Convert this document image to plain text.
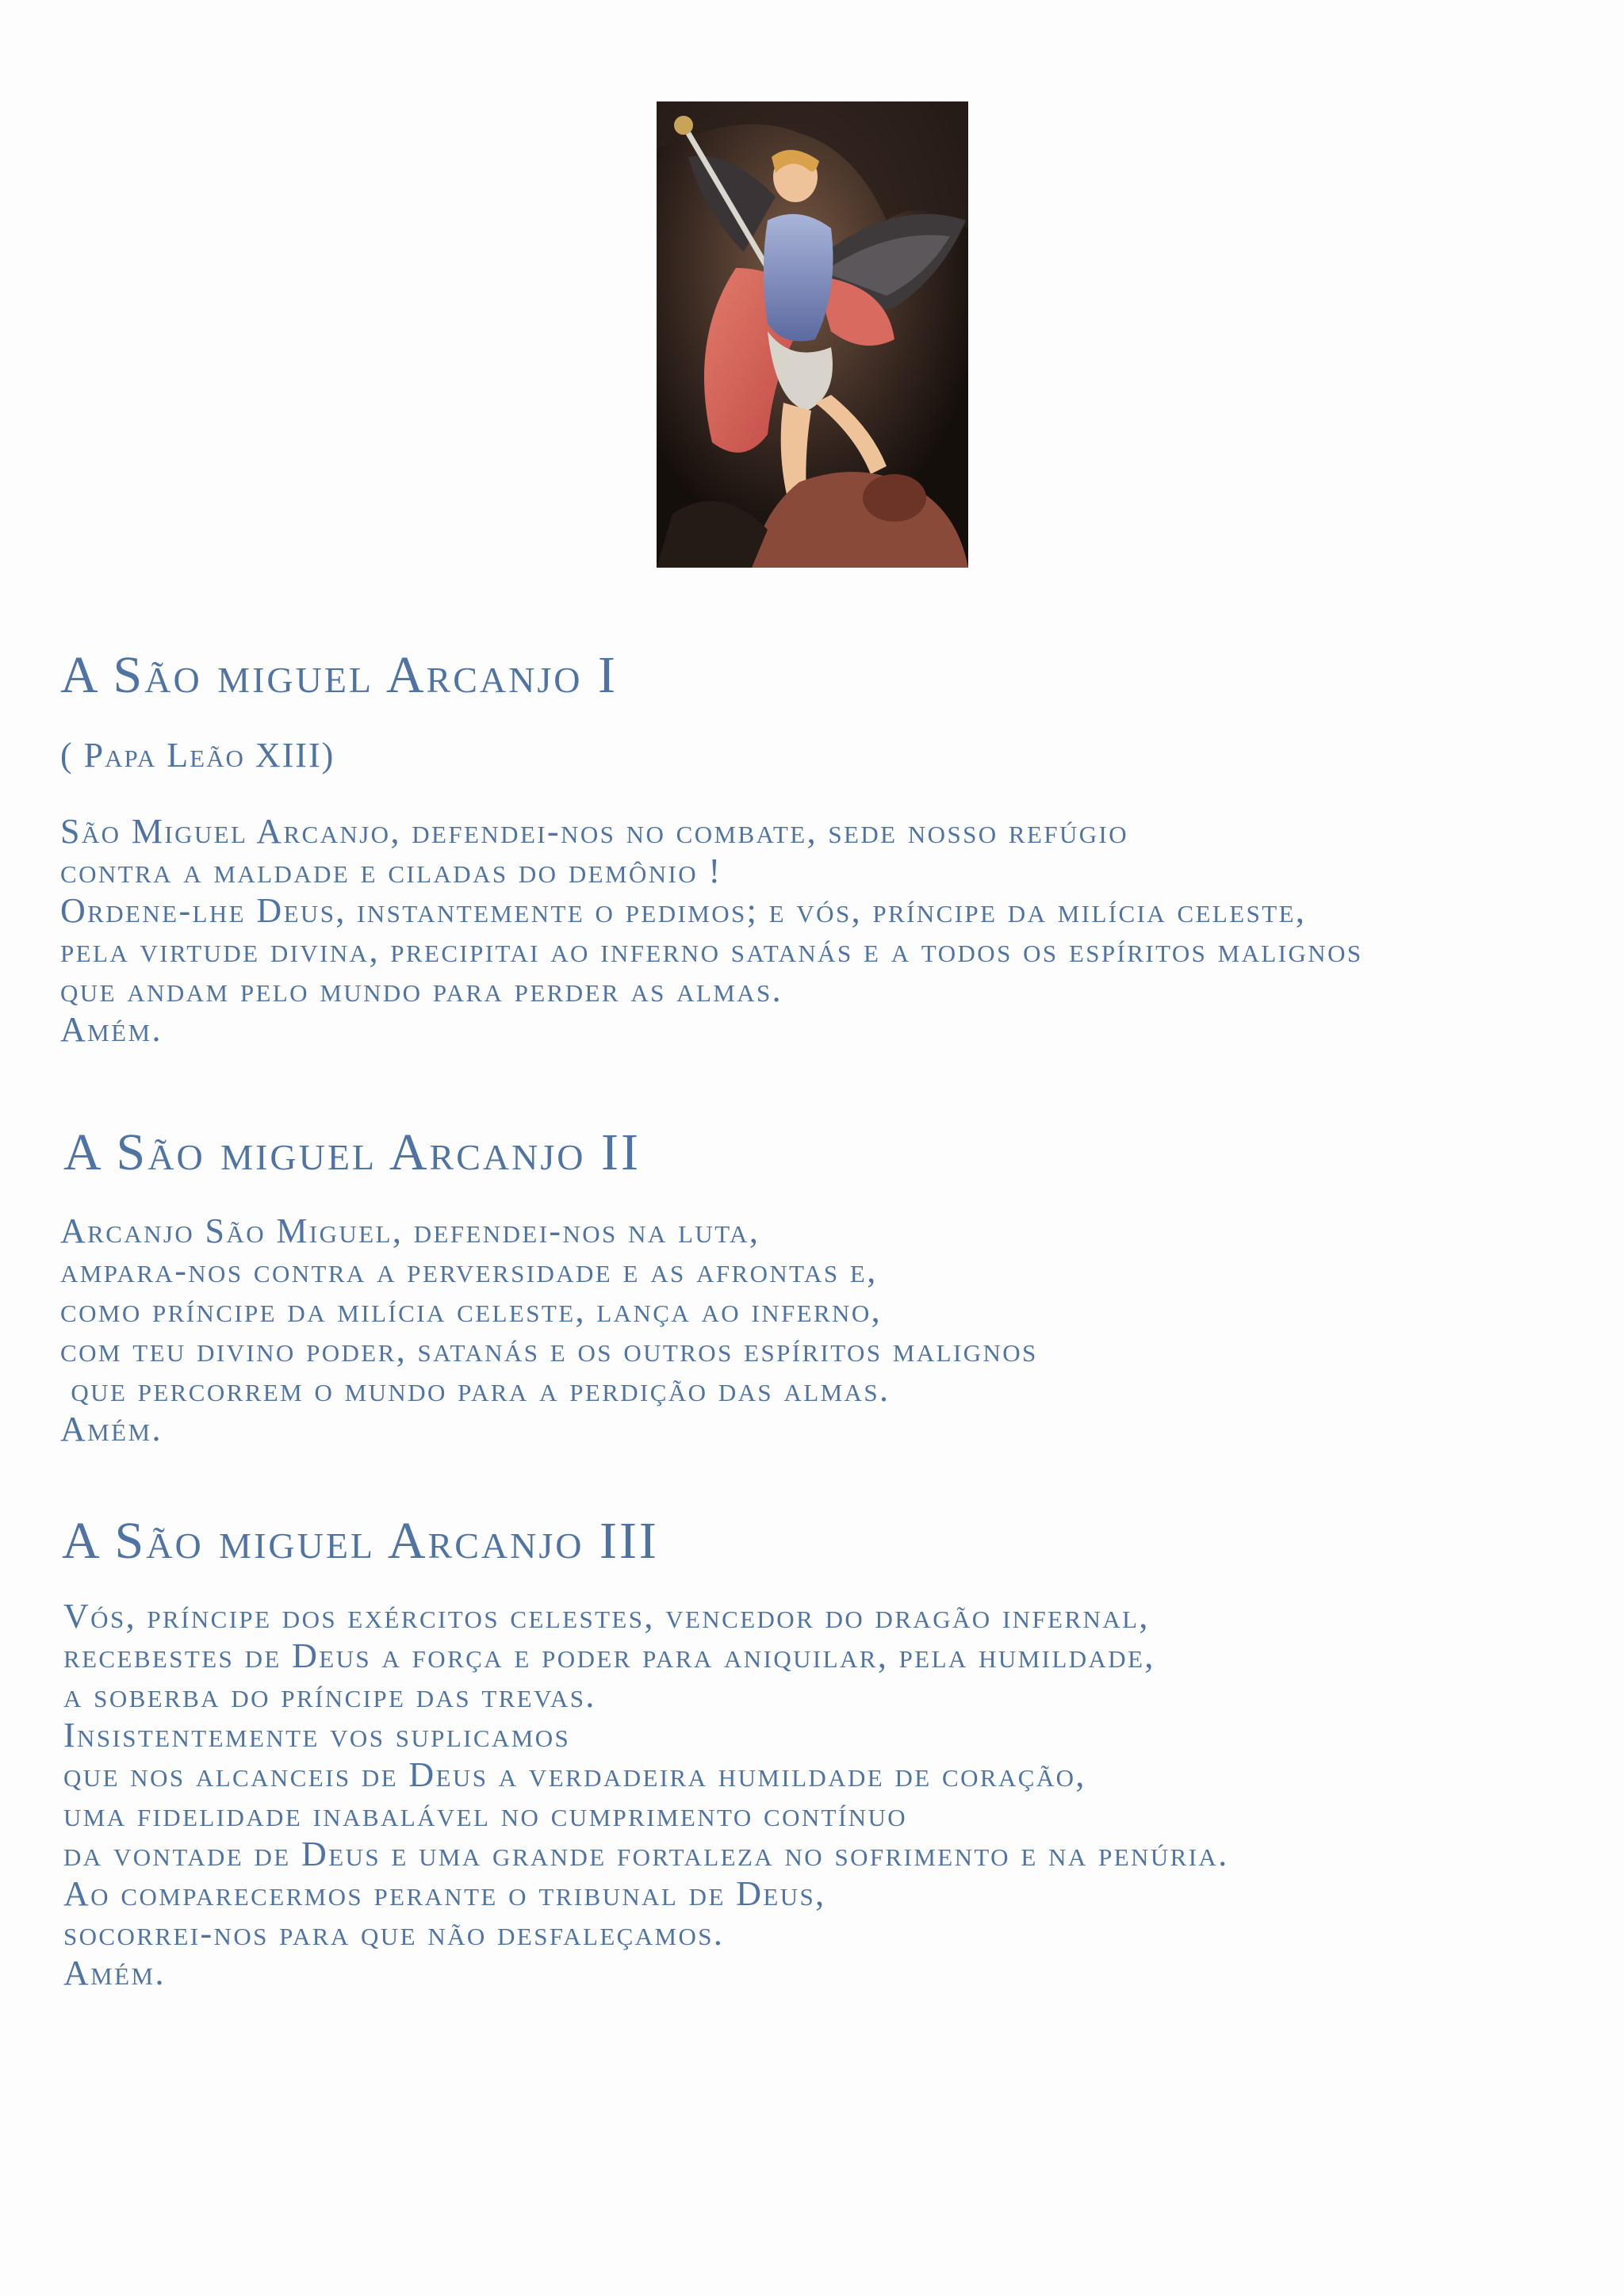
A São miguel Arcanjo I
( Papa Leão XIII)
São Miguel Arcanjo, defendei-nos no combate, sede nosso refúgio
contra a maldade e ciladas do demônio !
Ordene-lhe Deus, instantemente o pedimos; e vós, príncipe da milícia celeste,
pela virtude divina, precipitai ao inferno satanás e a todos os espíritos malignos
que andam pelo mundo para perder as almas.
Amém.
A São miguel Arcanjo II
Arcanjo São Miguel, defendei-nos na luta,
ampara-nos contra a perversidade e as afrontas e,
como príncipe da milícia celeste, lança ao inferno,
com teu divino poder, satanás e os outros espíritos malignos
que percorrem o mundo para a perdição das almas.
Amém.
A São miguel Arcanjo III
Vós, príncipe dos exércitos celestes, vencedor do dragão infernal,
recebestes de Deus a força e poder para aniquilar, pela humildade,
a soberba do príncipe das trevas.
Insistentemente vos suplicamos
que nos alcanceis de Deus a verdadeira humildade de coração,
uma fidelidade inabalável no cumprimento contínuo
da vontade de Deus e uma grande fortaleza no sofrimento e na penúria.
Ao comparecermos perante o tribunal de Deus,
socorrei-nos para que não desfaleçamos.
Amém.
